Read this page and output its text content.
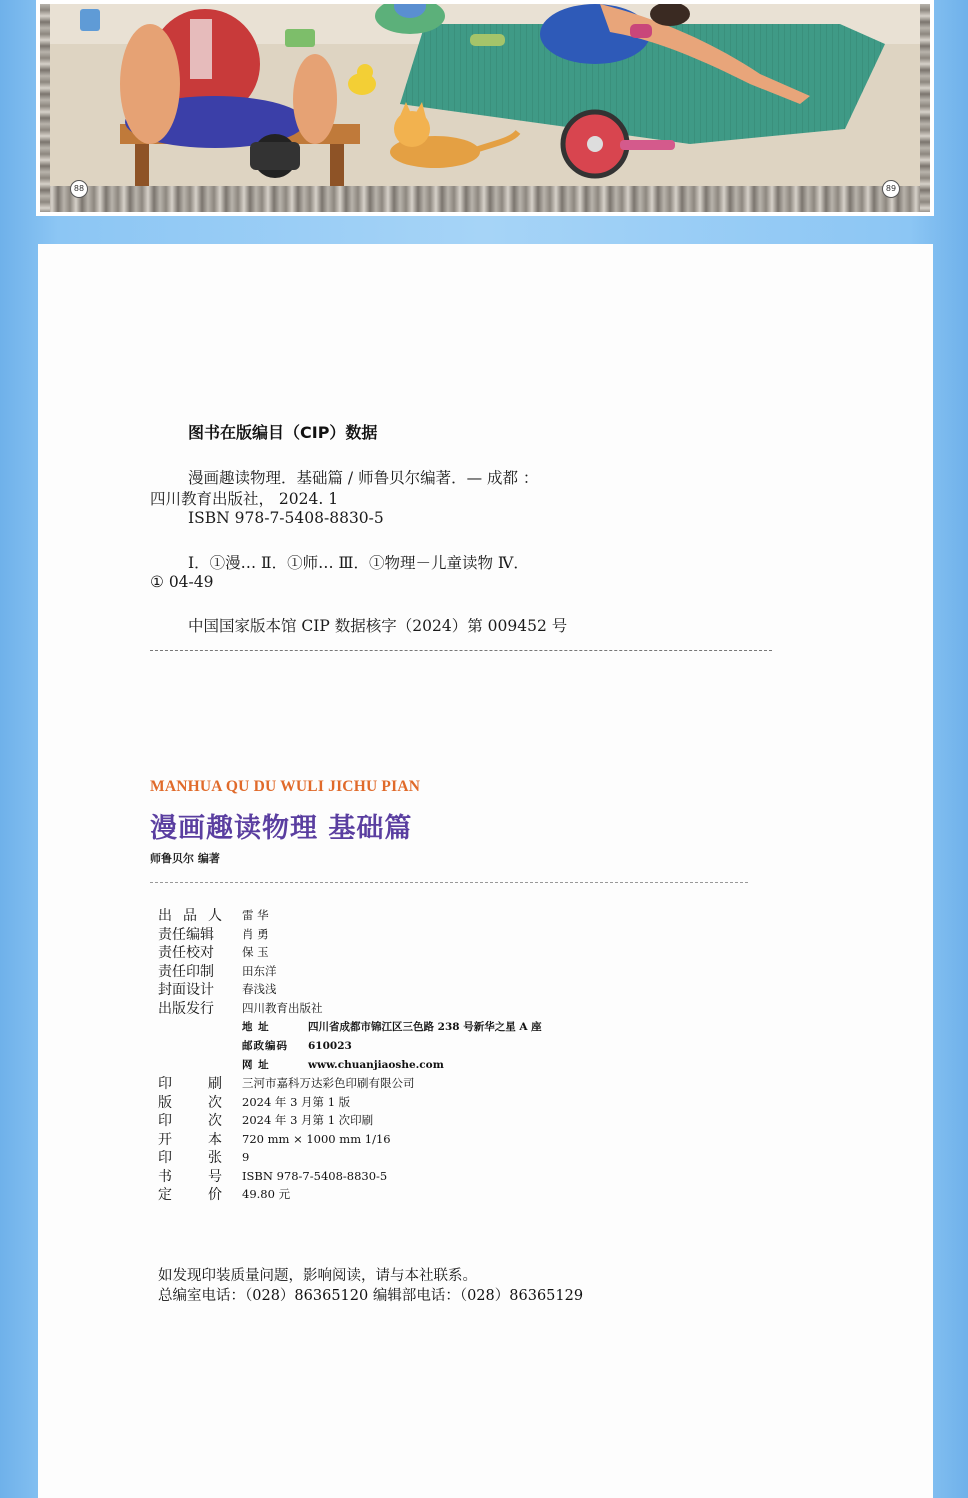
88	89
图书在版编目（CIP）数据
漫画趣读物理．基础篇 / 师鲁贝尔编著．— 成都 ：
四川教育出版社， 2024. 1
ISBN 978-7-5408-8830-5
Ⅰ．①漫… Ⅱ．①师… Ⅲ．①物理－儿童读物 Ⅳ．
① 04-49
中国国家版本馆 CIP 数据核字（2024）第 009452 号
MANHUA QU DU WULI JICHU PIAN
漫画趣读物理 基础篇
师鲁贝尔 编著
出 品 人 雷 华
责任编辑 肖 勇
责任校对 保 玉
责任印制 田东洋
封面设计 春浅浅
出版发行 四川教育出版社
地 址	四川省成都市锦江区三色路 238 号新华之星 A 座
邮政编码	610023
网 址	www.chuanjiaoshe.com
印	刷 三河市嘉科万达彩色印刷有限公司
版	次 2024 年 3 月第 1 版
印	次 2024 年 3 月第 1 次印刷
开	本 720 mm × 1000 mm 1/16
印	张 9
书	号 ISBN 978-7-5408-8830-5
定	价 49.80 元
如发现印装质量问题，影响阅读，请与本社联系。
总编室电话：（028）86365120 编辑部电话：（028）86365129
